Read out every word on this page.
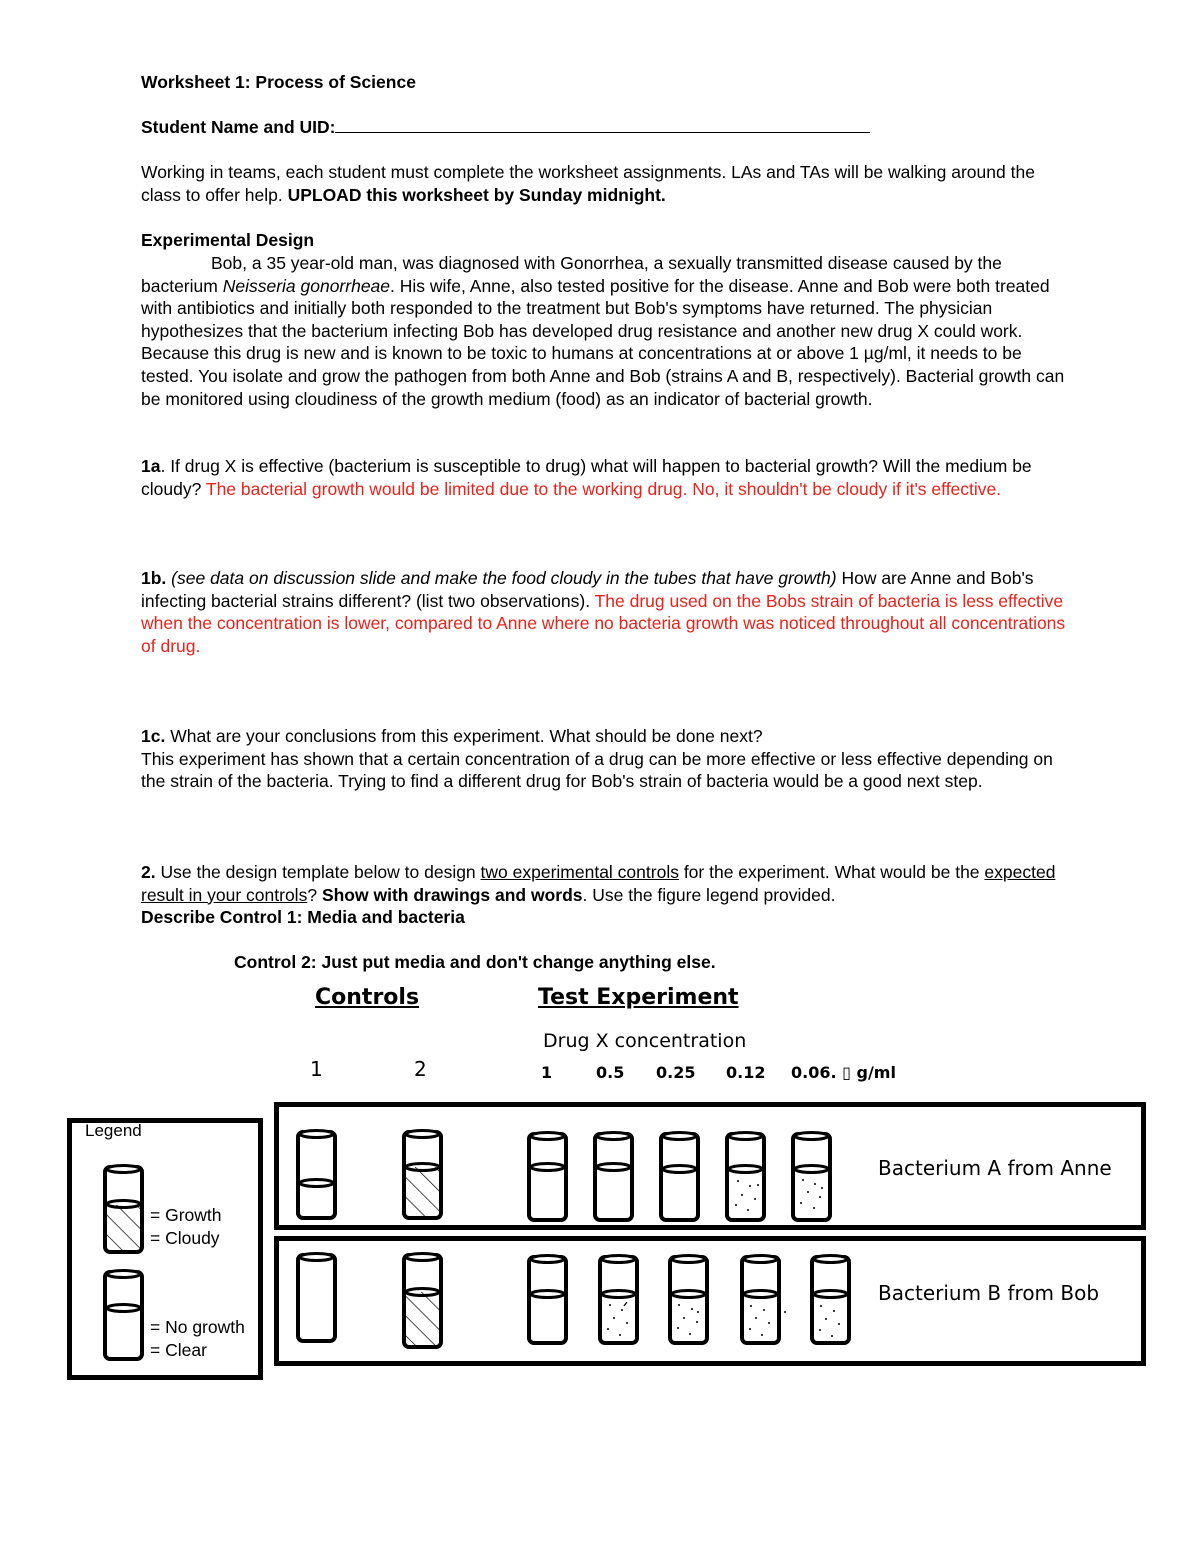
Worksheet 1: Process of Science

Student Name and UID:

Working in teams, each student must complete the worksheet assignments. LAs and TAs will be walking around the class to offer help. UPLOAD this worksheet by Sunday midnight.

Experimental Design

Bob, a 35 year-old man, was diagnosed with Gonorrhea, a sexually transmitted disease caused by the bacterium Neisseria gonorrheae. His wife, Anne, also tested positive for the disease. Anne and Bob were both treated with antibiotics and initially both responded to the treatment but Bob's symptoms have returned. The physician hypothesizes that the bacterium infecting Bob has developed drug resistance and another new drug X could work. Because this drug is new and is known to be toxic to humans at concentrations at or above 1 µg/ml, it needs to be tested. You isolate and grow the pathogen from both Anne and Bob (strains A and B, respectively). Bacterial growth can be monitored using cloudiness of the growth medium (food) as an indicator of bacterial growth.

1a. If drug X is effective (bacterium is susceptible to drug) what will happen to bacterial growth? Will the medium be cloudy? The bacterial growth would be limited due to the working drug. No, it shouldn't be cloudy if it's effective.

1b. (see data on discussion slide and make the food cloudy in the tubes that have growth) How are Anne and Bob's infecting bacterial strains different? (list two observations). The drug used on the Bobs strain of bacteria is less effective when the concentration is lower, compared to Anne where no bacteria growth was noticed throughout all concentrations of drug.

1c. What are your conclusions from this experiment. What should be done next?
This experiment has shown that a certain concentration of a drug can be more effective or less effective depending on the strain of the bacteria. Trying to find a different drug for Bob's strain of bacteria would be a good next step.

2. Use the design template below to design two experimental controls for the experiment. What would be the expected result in your controls? Show with drawings and words. Use the figure legend provided.
Describe Control 1: Media and bacteria

Control 2: Just put media and don't change anything else.

Controls	Test Experiment
Drug X concentration
1	2	1	0.5 0.25 0.12 0.06. ▯ g/ml
Legend
= Growth
= Cloudy
= No growth
= Clear
Bacterium A from Anne
Bacterium B from Bob
